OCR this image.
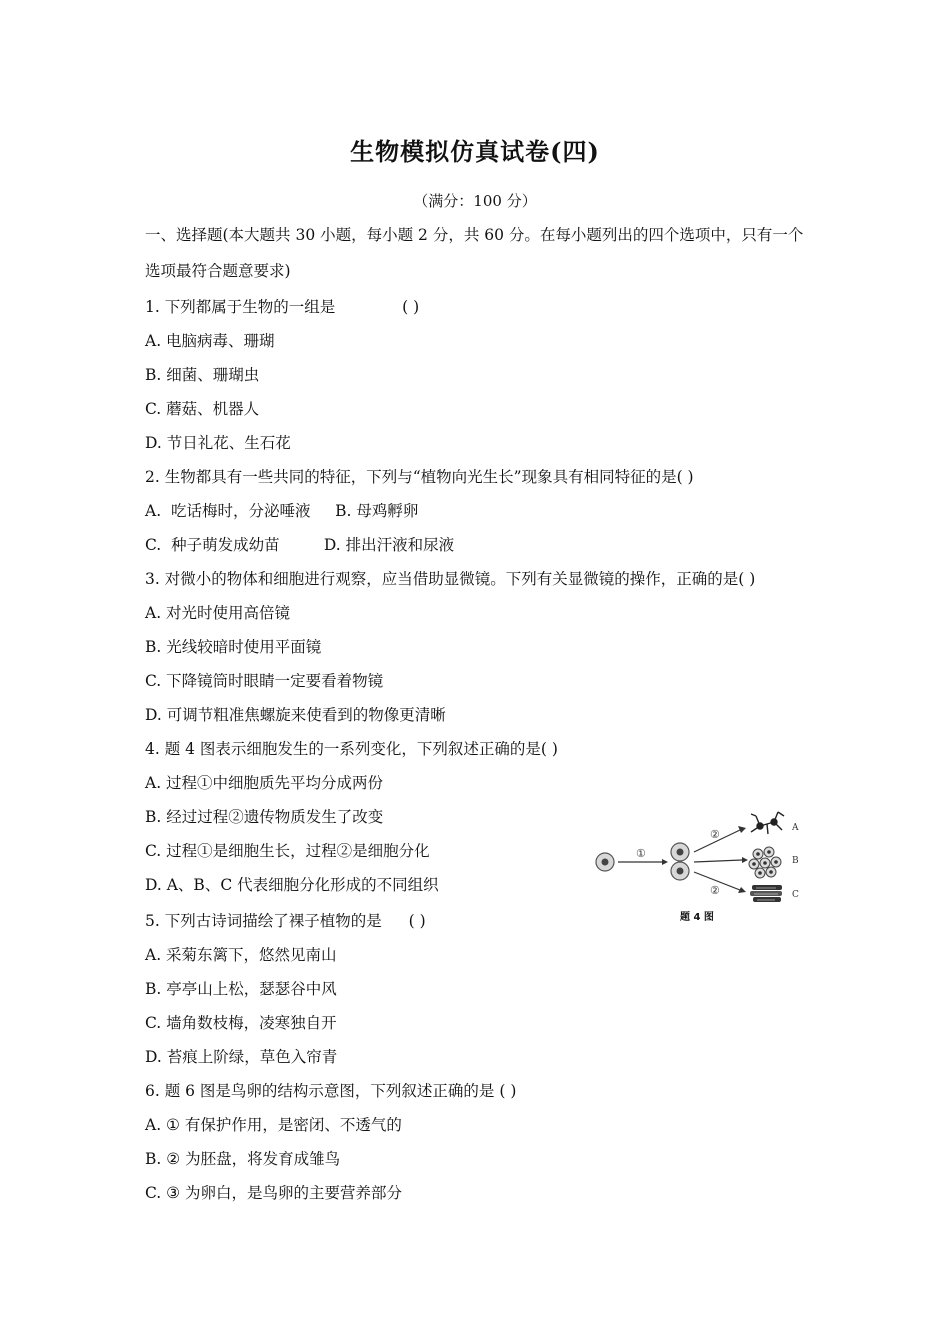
生物模拟仿真试卷(四)
（满分：100 分）
一、选择题(本大题共 30 小题，每小题 2 分，共 60 分。在每小题列出的四个选项中，只有一个
选项最符合题意要求)
1. 下列都属于生物的一组是	( )
A. 电脑病毒、珊瑚
B. 细菌、珊瑚虫
C. 蘑菇、机器人
D. 节日礼花、生石花
2. 生物都具有一些共同的特征，下列与“植物向光生长”现象具有相同特征的是( )
A.  吃话梅时，分泌唾液     B. 母鸡孵卵
C.  种子萌发成幼苗         D. 排出汗液和尿液
3. 对微小的物体和细胞进行观察，应当借助显微镜。下列有关显微镜的操作，正确的是( )
A. 对光时使用高倍镜
B. 光线较暗时使用平面镜
C. 下降镜筒时眼睛一定要看着物镜
D. 可调节粗准焦螺旋来使看到的物像更清晰
4. 题 4 图表示细胞发生的一系列变化，下列叙述正确的是( )
A. 过程①中细胞质先平均分成两份
B. 经过过程②遗传物质发生了改变
C. 过程①是细胞生长，过程②是细胞分化
D. A、B、C 代表细胞分化形成的不同组织
①
②
②
A
B
C
题 4 图
5. 下列古诗词描绘了裸子植物的是 ( )
A. 采菊东篱下，悠然见南山
B. 亭亭山上松，瑟瑟谷中风
C. 墙角数枝梅，凌寒独自开
D. 苔痕上阶绿，草色入帘青
6. 题 6 图是鸟卵的结构示意图，下列叙述正确的是 ( )
A. ① 有保护作用，是密闭、不透气的
B. ② 为胚盘，将发育成雏鸟
C. ③ 为卵白，是鸟卵的主要营养部分
